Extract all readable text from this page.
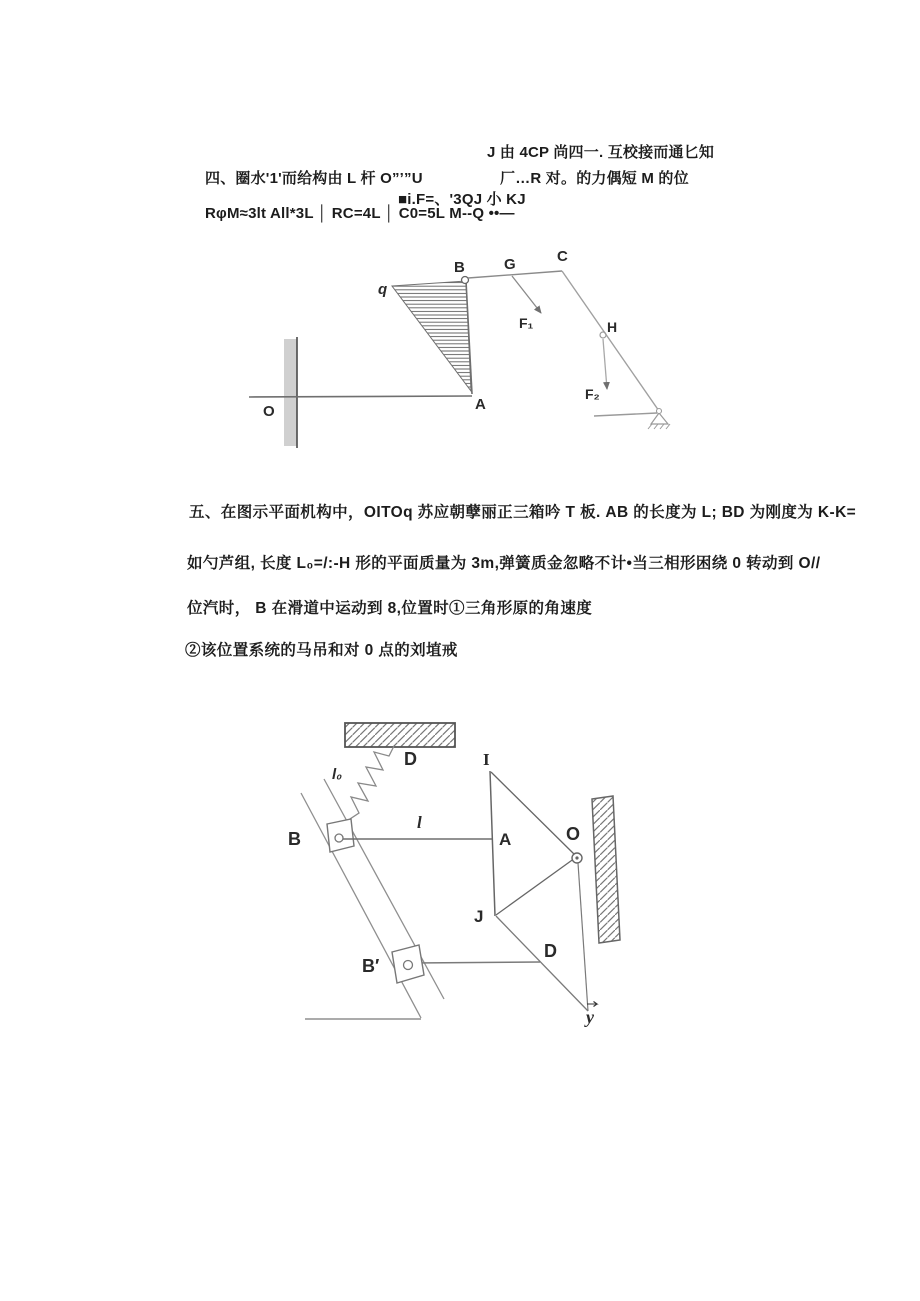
J 由 4CP 尚四一. 互校接而通匕知
四、圈水'1'而给构由 L 杆 O”’”U	厂…R 对。的力偶短 M 的位
■i.F=、'3QJ 小 KJ
RφM≈3lt All*3L │ RC=4L │ C0=5L M--Q ••—
五、在图示平面机构中，OITOq 苏应朝孽丽正三箱吟 T 板. AB 的长度为 L; BD 为刚度为 K-K=
如勺芦组, 长度 L₀=/:-H 形的平面质量为 3m,弹簧质金忽略不计•当三相形困绕 0 转动到 O//
位汽时， B 在滑道中运动到 8,位置时①三角形原的角速度
②该位置系统的马吊和对 0 点的刘埴戒
O
q
B	G	C
F₁	H
F₂
A
D
l₀
B
l
I
A	O
J
B′
D
y
